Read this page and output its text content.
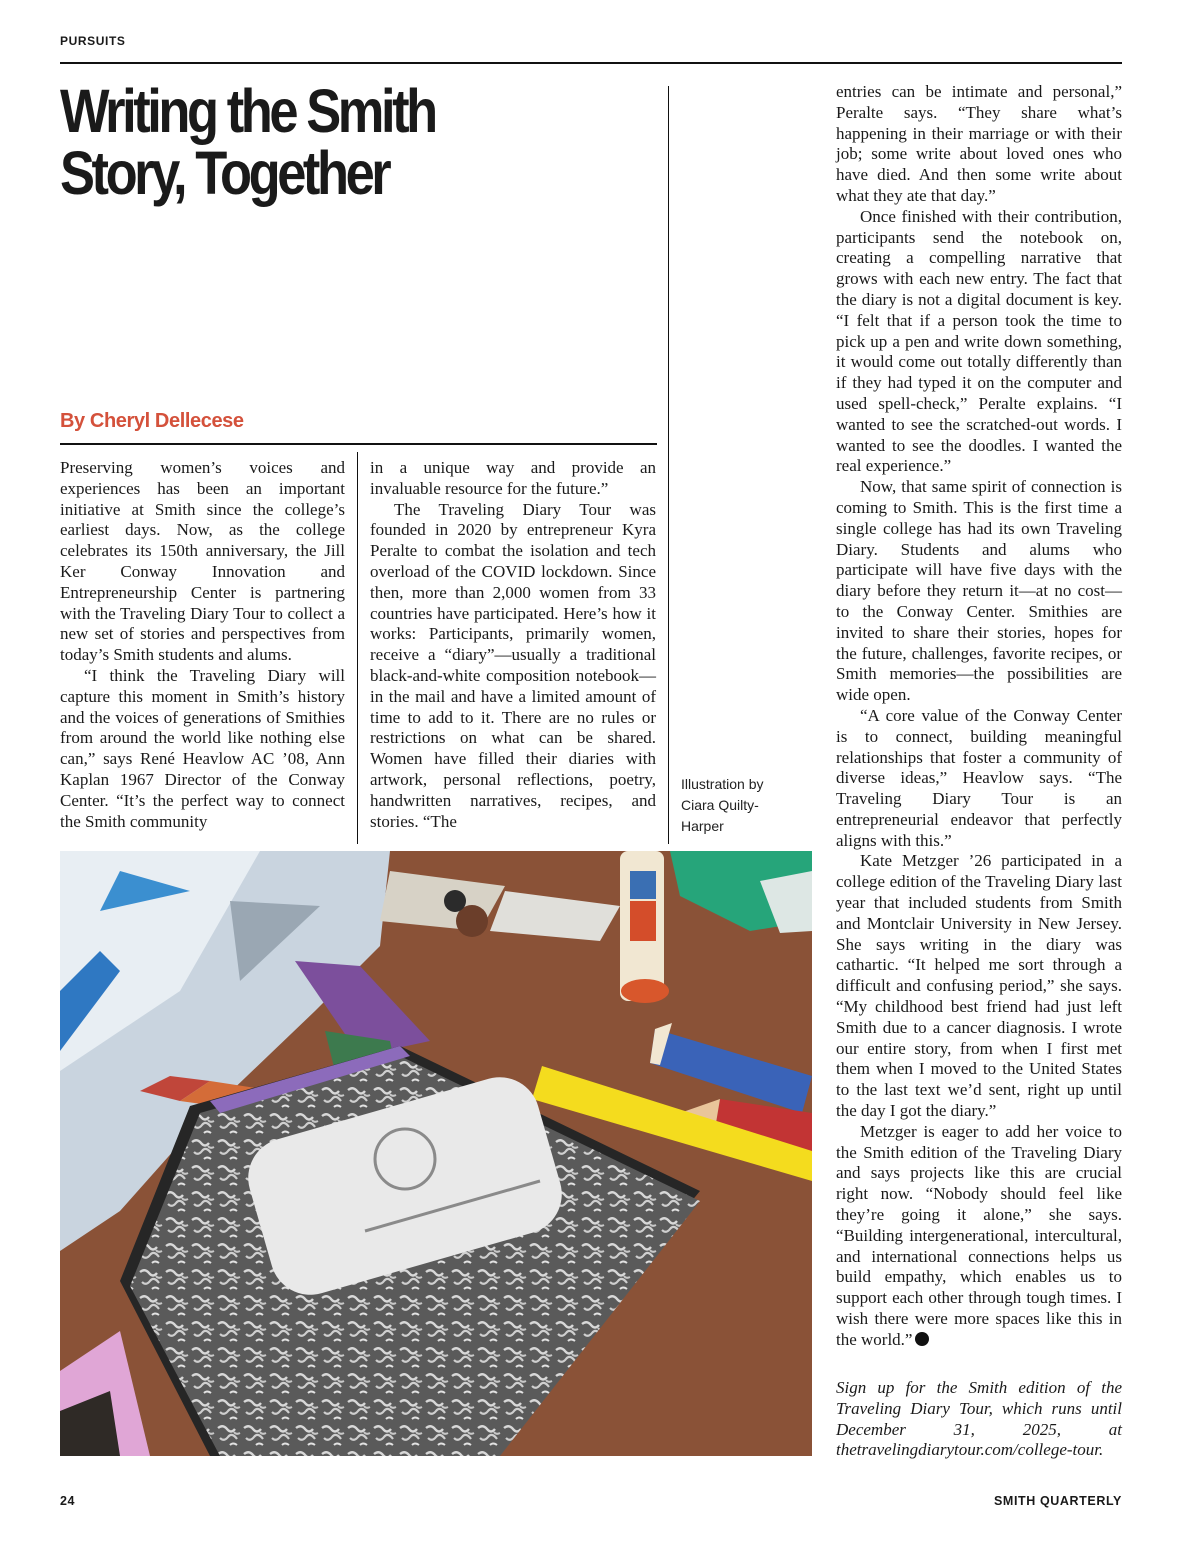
PURSUITS
Writing the Smith Story, Together
By Cheryl Dellecese

Preserving women’s voices and experiences has been an important initiative at Smith since the college’s earliest days. Now, as the college celebrates its 150th anniversary, the Jill Ker Conway Innovation and Entrepreneurship Center is partnering with the Traveling Diary Tour to collect a new set of stories and perspectives from today’s Smith students and alums.

“I think the Traveling Diary will capture this moment in Smith’s history and the voices of generations of Smithies from around the world like nothing else can,” says René Heavlow AC ’08, Ann Kaplan 1967 Director of the Conway Center. “It’s the perfect way to connect the Smith community

in a unique way and provide an invaluable resource for the future.”

The Traveling Diary Tour was founded in 2020 by entrepreneur Kyra Peralte to combat the isolation and tech overload of the COVID lockdown. Since then, more than 2,000 women from 33 countries have participated. Here’s how it works: Participants, primarily women, receive a “diary”—usually a traditional black-and-white composition notebook—in the mail and have a limited amount of time to add to it. There are no rules or restrictions on what can be shared. Women have filled their diaries with artwork, personal reflections, poetry, handwritten narratives, recipes, and stories. “The

entries can be intimate and personal,” Peralte says. “They share what’s happening in their marriage or with their job; some write about loved ones who have died. And then some write about what they ate that day.”

Once finished with their contribution, participants send the notebook on, creating a compelling narrative that grows with each new entry. The fact that the diary is not a digital document is key. “I felt that if a person took the time to pick up a pen and write down something, it would come out totally differently than if they had typed it on the computer and used spell-check,” Peralte explains. “I wanted to see the scratched-out words. I wanted to see the doodles. I wanted the real experience.”

Now, that same spirit of connection is coming to Smith. This is the first time a single college has had its own Traveling Diary. Students and alums who participate will have five days with the diary before they return it—at no cost—to the Conway Center. Smithies are invited to share their stories, hopes for the future, challenges, favorite recipes, or Smith memories—the possibilities are wide open.

“A core value of the Conway Center is to connect, building meaningful relationships that foster a community of diverse ideas,” Heavlow says. “The Traveling Diary Tour is an entrepreneurial endeavor that perfectly aligns with this.”

Kate Metzger ’26 participated in a college edition of the Traveling Diary last year that included students from Smith and Montclair University in New Jersey. She says writing in the diary was cathartic. “It helped me sort through a difficult and confusing period,” she says. “My childhood best friend had just left Smith due to a cancer diagnosis. I wrote our entire story, from when I first met them when I moved to the United States to the last text we’d sent, right up until the day I got the diary.”

Metzger is eager to add her voice to the Smith edition of the Traveling Diary and says projects like this are crucial right now. “Nobody should feel like they’re going it alone,” she says. “Building intergenerational, intercultural, and international connections helps us build empathy, which enables us to support each other through tough times. I wish there were more spaces like this in the world.”

Sign up for the Smith edition of the Traveling Diary Tour, which runs until December 31, 2025, at thetravelingdiarytour.com/college-tour.
Illustration by Ciara Quilty-Harper
24	SMITH QUARTERLY
